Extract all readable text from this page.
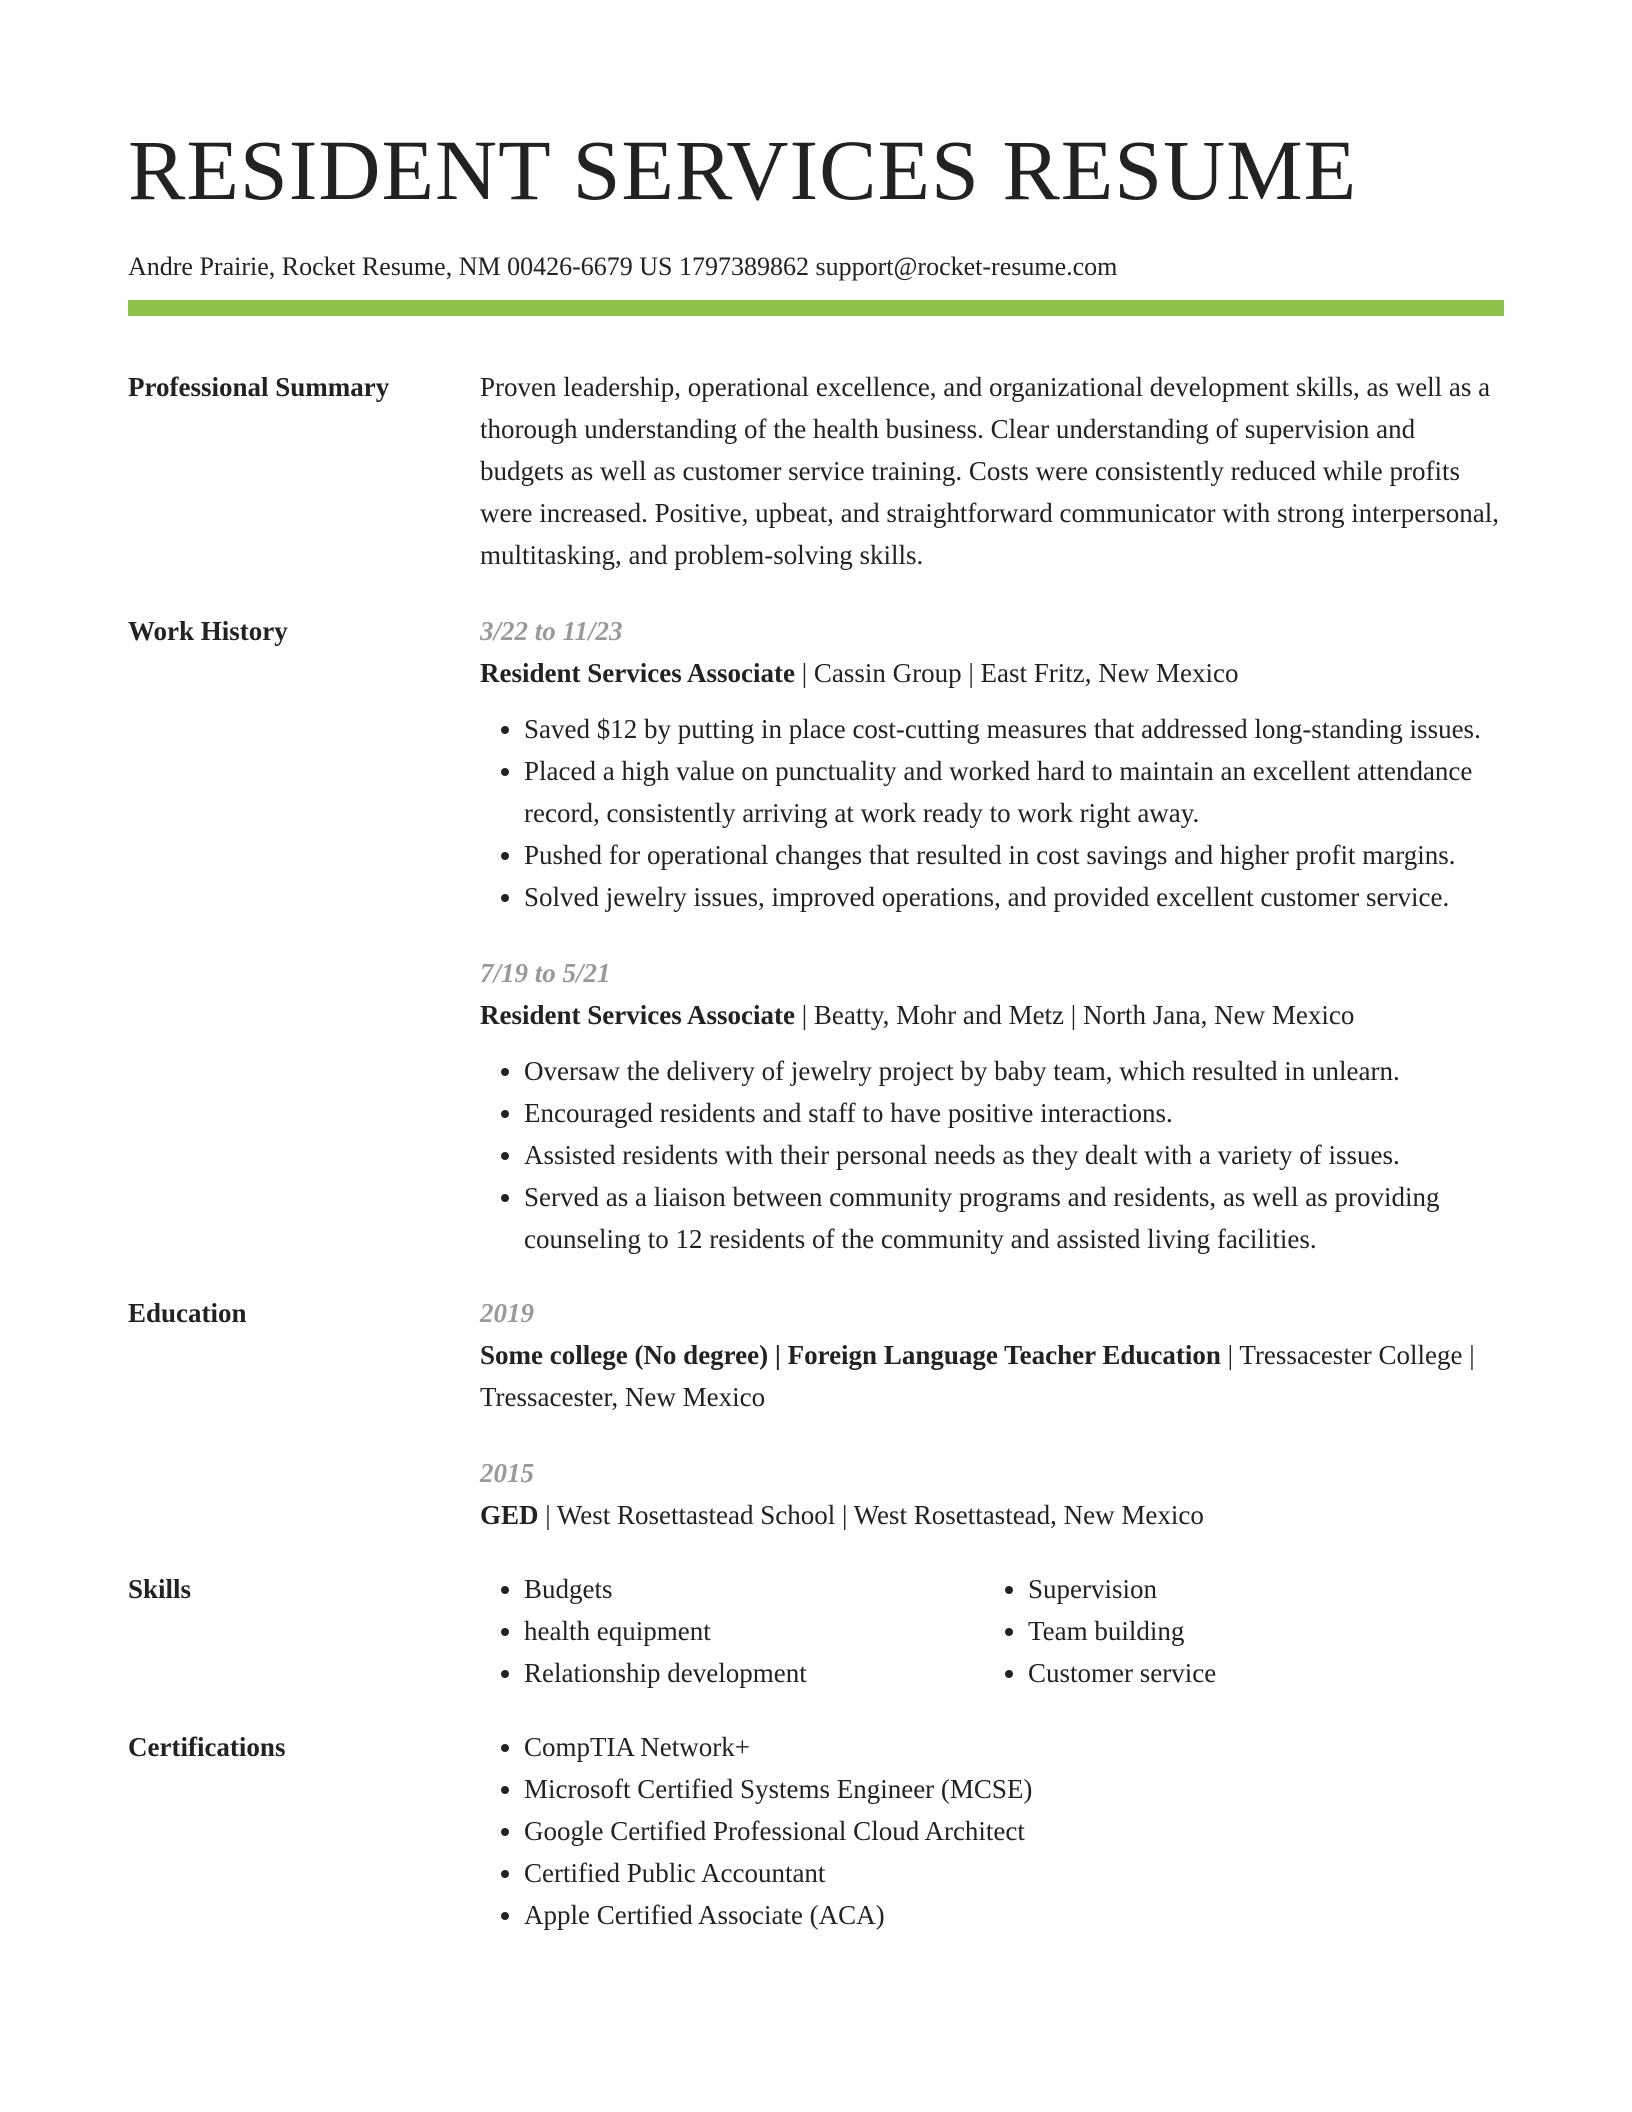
RESIDENT SERVICES RESUME
Andre Prairie, Rocket Resume, NM 00426-6679 US 1797389862 support@rocket-resume.com
Professional Summary	Proven leadership, operational excellence, and organizational development skills, as well as a thorough understanding of the health business. Clear understanding of supervision and budgets as well as customer service training. Costs were consistently reduced while profits were increased. Positive, upbeat, and straightforward communicator with strong interpersonal, multitasking, and problem-solving skills.

Work History	3/22 to 11/23

Resident Services Associate | Cassin Group | East Fritz, New Mexico

• Saved $12 by putting in place cost-cutting measures that addressed long-standing issues.
• Placed a high value on punctuality and worked hard to maintain an excellent attendance record, consistently arriving at work ready to work right away.
• Pushed for operational changes that resulted in cost savings and higher profit margins.
• Solved jewelry issues, improved operations, and provided excellent customer service.
7/19 to 5/21

Resident Services Associate | Beatty, Mohr and Metz | North Jana, New Mexico

• Oversaw the delivery of jewelry project by baby team, which resulted in unlearn.
• Encouraged residents and staff to have positive interactions.
• Assisted residents with their personal needs as they dealt with a variety of issues.
• Served as a liaison between community programs and residents, as well as providing counseling to 12 residents of the community and assisted living facilities.
Education	2019

Some college (No degree) | Foreign Language Teacher Education | Tressacester College | Tressacester, New Mexico

2015

GED | West Rosettastead School | West Rosettastead, New Mexico

Skills	• Budgets
• health equipment
• Relationship development
• Supervision
• Team building
• Customer service
Certifications	• CompTIA Network+
• Microsoft Certified Systems Engineer (MCSE)
• Google Certified Professional Cloud Architect
• Certified Public Accountant
• Apple Certified Associate (ACA)
